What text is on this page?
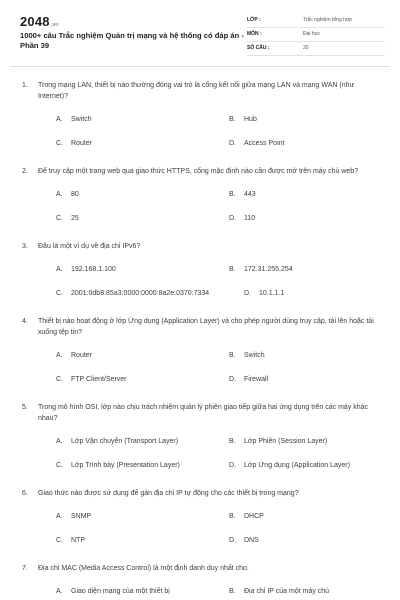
2048.vn
1000+ câu Trắc nghiệm Quản trị mạng và hệ thống có đáp án - Phần 39
LỚP :	Trắc nghiệm tổng hợp
MÔN :	Đại học
SỐ CÂU :	20
1. Trong mạng LAN, thiết bị nào thường đóng vai trò là cổng kết nối giữa mạng LAN và mạng WAN (như Internet)?
A. Switch	B. Hub
C. Router	D. Access Point
2. Để truy cập một trang web qua giao thức HTTPS, cổng mặc định nào cần được mở trên máy chủ web?
A. 80	B. 443
C. 25	D. 110
3. Đâu là một ví dụ về địa chỉ IPv6?
A. 192.168.1.100	B. 172.31.255.254
C. 2001:0db8:85a3:0000:0000:8a2e:0370:7334	D. 10.1.1.1
4. Thiết bị nào hoạt động ở lớp Ứng dụng (Application Layer) và cho phép người dùng truy cập, tải lên hoặc tải xuống tệp tin?
A. Router	B. Switch
C. FTP Client/Server	D. Firewall
5. Trong mô hình OSI, lớp nào chịu trách nhiệm quản lý phiên giao tiếp giữa hai ứng dụng trên các máy khác nhau?
A. Lớp Vận chuyển (Transport Layer)	B. Lớp Phiên (Session Layer)
C. Lớp Trình bày (Presentation Layer)	D. Lớp Ứng dụng (Application Layer)
6. Giao thức nào được sử dụng để gán địa chỉ IP tự động cho các thiết bị trong mạng?
A. SNMP	B. DHCP
C. NTP	D. DNS
7. Địa chỉ MAC (Media Access Control) là một định danh duy nhất cho.
A. Giao diện mạng của một thiết bị	B. Địa chỉ IP của một máy chủ
